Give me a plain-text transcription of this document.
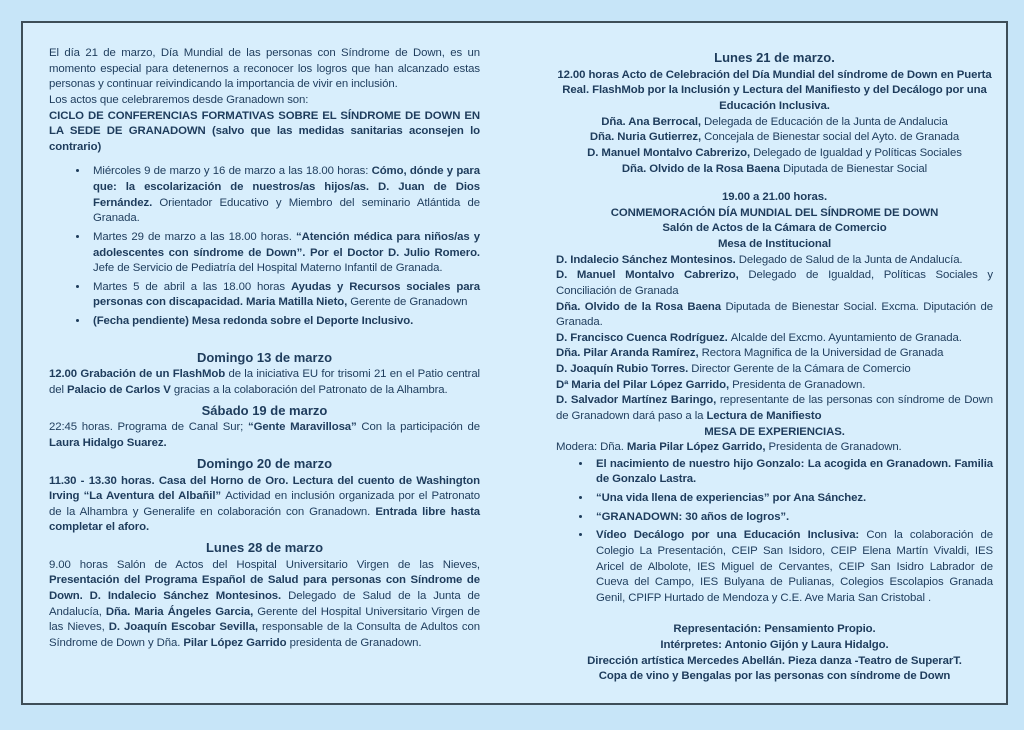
El día 21 de marzo, Día Mundial de las personas con Síndrome de Down, es un momento especial para detenernos a reconocer los logros que han alcanzado estas personas y continuar reivindicando la importancia de vivir en inclusión.

Los actos que celebraremos desde Granadown son:

CICLO DE CONFERENCIAS FORMATIVAS SOBRE EL SÍNDROME DE DOWN EN LA SEDE DE GRANADOWN (salvo que las medidas sanitarias aconsejen lo contrario)

• Miércoles 9 de marzo y 16 de marzo a las 18.00 horas: Cómo, dónde y para que: la escolarización de nuestros/as hijos/as. D. Juan de Dios Fernández. Orientador Educativo y Miembro del seminario Atlántida de Granada.
• Martes 29 de marzo a las 18.00 horas. “Atención médica para niños/as y adolescentes con síndrome de Down”. Por el Doctor D. Julio Romero. Jefe de Servicio de Pediatría del Hospital Materno Infantil de Granada.
• Martes 5 de abril a las 18.00 horas Ayudas y Recursos sociales para personas con discapacidad. Maria Matilla Nieto, Gerente de Granadown
• (Fecha pendiente) Mesa redonda sobre el Deporte Inclusivo.

Domingo 13 de marzo

12.00 Grabación de un FlashMob de la iniciativa EU for trisomi 21 en el Patio central del Palacio de Carlos V gracias a la colaboración del Patronato de la Alhambra.

Sábado 19 de marzo

22:45 horas. Programa de Canal Sur; “Gente Maravillosa” Con la participación de Laura Hidalgo Suarez.

Domingo 20 de marzo

11.30 - 13.30 horas. Casa del Horno de Oro. Lectura del cuento de Washington Irving “La Aventura del Albañil” Actividad en inclusión organizada por el Patronato de la Alhambra y Generalife en colaboración con Granadown. Entrada libre hasta completar el aforo.

Lunes 28 de marzo

9.00 horas Salón de Actos del Hospital Universitario Virgen de las Nieves, Presentación del Programa Español de Salud para personas con Síndrome de Down. D. Indalecio Sánchez Montesinos. Delegado de Salud de la Junta de Andalucía, Dña. Maria Ángeles Garcia, Gerente del Hospital Universitario Virgen de las Nieves, D. Joaquín Escobar Sevilla, responsable de la Consulta de Adultos con Síndrome de Down y Dña. Pilar López Garrido presidenta de Granadown.

Lunes 21 de marzo.

12.00 horas Acto de Celebración del Día Mundial del síndrome de Down en Puerta Real. FlashMob por la Inclusión y Lectura del Manifiesto y del Decálogo por una Educación Inclusiva.

Dña. Ana Berrocal, Delegada de Educación de la Junta de Andalucia

Dña. Nuria Gutierrez, Concejala de Bienestar social del Ayto. de Granada

D. Manuel Montalvo Cabrerizo, Delegado de Igualdad y Políticas Sociales

Dña. Olvido de la Rosa Baena Diputada de Bienestar Social

19.00 a 21.00 horas.

CONMEMORACIÓN DÍA MUNDIAL DEL SÍNDROME DE DOWN

Salón de Actos de la Cámara de Comercio

Mesa de Institucional

D. Indalecio Sánchez Montesinos. Delegado de Salud de la Junta de Andalucía.

D. Manuel Montalvo Cabrerizo, Delegado de Igualdad, Políticas Sociales y Conciliación de Granada

Dña. Olvido de la Rosa Baena Diputada de Bienestar Social. Excma. Diputación de Granada.

D. Francisco Cuenca Rodríguez. Alcalde del Excmo. Ayuntamiento de Granada.

Dña. Pilar Aranda Ramírez, Rectora Magnifica de la Universidad de Granada

D. Joaquín Rubio Torres. Director Gerente de la Cámara de Comercio

Dª Maria del Pilar López Garrido, Presidenta de Granadown.

D. Salvador Martínez Baringo, representante de las personas con síndrome de Down de Granadown dará paso a la Lectura de Manifiesto

MESA DE EXPERIENCIAS.

Modera: Dña. Maria Pilar López Garrido, Presidenta de Granadown.

• El nacimiento de nuestro hijo Gonzalo: La acogida en Granadown. Familia de Gonzalo Lastra.
• “Una vida llena de experiencias” por Ana Sánchez.
• “GRANADOWN: 30 años de logros”.
• Vídeo Decálogo por una Educación Inclusiva: Con la colaboración de Colegio La Presentación, CEIP San Isidoro, CEIP Elena Martín Vivaldi, IES Aricel de Albolote, IES Miguel de Cervantes, CEIP San Isidro Labrador de Cueva del Campo, IES Bulyana de Pulianas, Colegios Escolapios Granada Genil, CPIFP Hurtado de Mendoza y C.E. Ave Maria San Cristobal .

Representación: Pensamiento Propio.

Intérpretes: Antonio Gijón y Laura Hidalgo.

Dirección artística Mercedes Abellán. Pieza danza -Teatro de SuperarT.

Copa de vino y Bengalas por las personas con síndrome de Down
